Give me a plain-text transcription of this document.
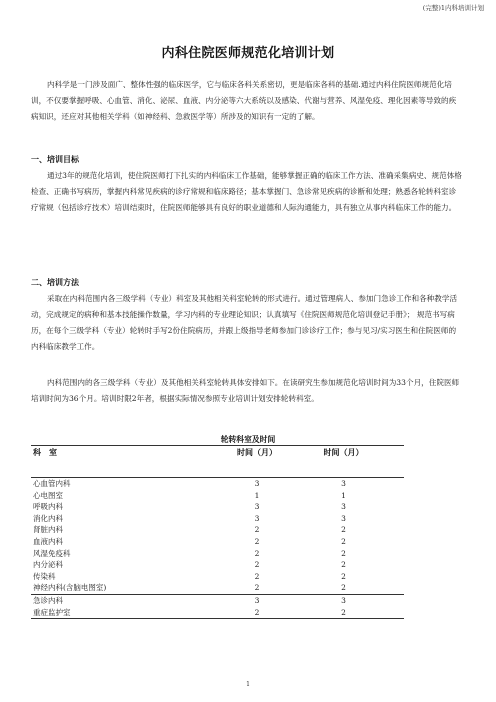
(完整)1内科培训计划
内科住院医师规范化培训计划

内科学是一门涉及面广、整体性强的临床医学，它与临床各科关系密切，更是临床各科的基础.通过内科住院医师规范化培训，不仅要掌握呼吸、心血管、消化、泌尿、血液、内分泌等六大系统以及感染、代谢与营养、风湿免疫、理化因素等导致的疾病知识，还应对其他相关学科（如神经科、急救医学等）所涉及的知识有一定的了解。

一、培训目标

通过3年的规范化培训，使住院医师打下扎实的内科临床工作基础，能够掌握正确的临床工作方法、准确采集病史、规范体格检查、正确书写病历，掌握内科常见疾病的诊疗常规和临床路径；基本掌握门、急诊常见疾病的诊断和处理；熟悉各轮转科室诊疗常规（包括诊疗技术）培训结束时，住院医师能够具有良好的职业道德和人际沟通能力，具有独立从事内科临床工作的能力。

二、培训方法

采取在内科范围内各三级学科（专业）科室及其他相关科室轮转的形式进行。通过管理病人、参加门急诊工作和各种教学活动，完成规定的病种和基本技能操作数量，学习内科的专业理论知识；认真填写《住院医师规范化培训登记手册》； 规范书写病历，在每个三级学科（专业）轮转时手写2份住院病历，并跟上级指导老师参加门诊诊疗工作；参与见习/实习医生和住院医师的内科临床教学工作。

内科范围内的各三级学科（专业）及其他相关科室轮转具体安排如下。在读研究生参加规范化培训时间为33个月，住院医师培训时间为36个月。培训时限2年者，根据实际情况参照专业培训计划安排轮转科室。

轮转科室及时间
科　室	时间（月）	时间（月）
心血管内科	3	3
心电图室	1	1
呼吸内科	3	3
消化内科	3	3
肾脏内科	2	2
血液内科	2	2
风湿免疫科	2	2
内分泌科	2	2
传染科	2	2
神经内科(含脑电图室)	2	2
急诊内科	3	3
重症监护室	2	2
1
